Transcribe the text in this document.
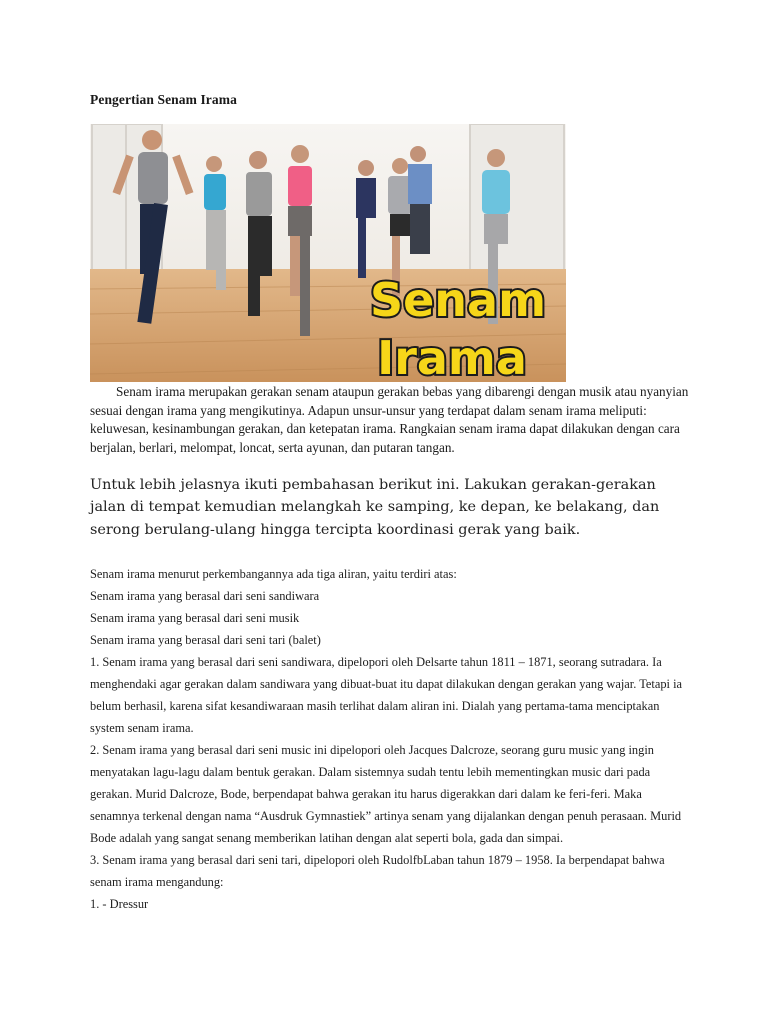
Pengertian Senam Irama
Senam
Irama

Senam irama merupakan gerakan senam ataupun gerakan bebas yang dibarengi dengan musik atau nyanyian sesuai dengan irama yang mengikutinya. Adapun unsur-unsur yang terdapat dalam senam irama meliputi: keluwesan, kesinambungan gerakan, dan ketepatan irama. Rangkaian senam irama dapat dilakukan dengan cara berjalan, berlari, melompat, loncat, serta ayunan, dan putaran tangan.

Untuk lebih jelasnya ikuti pembahasan berikut ini. Lakukan gerakan-gerakan jalan di tempat kemudian melangkah ke samping, ke depan, ke belakang, dan serong berulang-ulang hingga tercipta koordinasi gerak yang baik.

Senam irama menurut perkembangannya ada tiga aliran, yaitu terdiri atas:
Senam irama yang berasal dari seni sandiwara
Senam irama yang berasal dari seni musik
Senam irama yang berasal dari seni tari (balet)
1. Senam irama yang berasal dari seni sandiwara, dipelopori oleh Delsarte tahun 1811 – 1871, seorang sutradara. Ia menghendaki agar gerakan dalam sandiwara yang dibuat-buat itu dapat dilakukan dengan gerakan yang wajar. Tetapi ia belum berhasil, karena sifat kesandiwaraan masih terlihat dalam aliran ini. Dialah yang pertama-tama menciptakan system senam irama.
2. Senam irama yang berasal dari seni music ini dipelopori oleh Jacques Dalcroze, seorang guru music yang ingin menyatakan lagu-lagu dalam bentuk gerakan. Dalam sistemnya sudah tentu lebih mementingkan music dari pada gerakan. Murid Dalcroze, Bode, berpendapat bahwa gerakan itu harus digerakkan dari dalam ke feri-feri. Maka senamnya terkenal dengan nama “Ausdruk Gymnastiek” artinya senam yang dijalankan dengan penuh perasaan. Murid Bode adalah yang sangat senang memberikan latihan dengan alat seperti bola, gada dan simpai.
3. Senam irama yang berasal dari seni tari, dipelopori oleh RudolfbLaban tahun 1879 – 1958. Ia berpendapat bahwa senam irama mengandung:
1. - Dressur
